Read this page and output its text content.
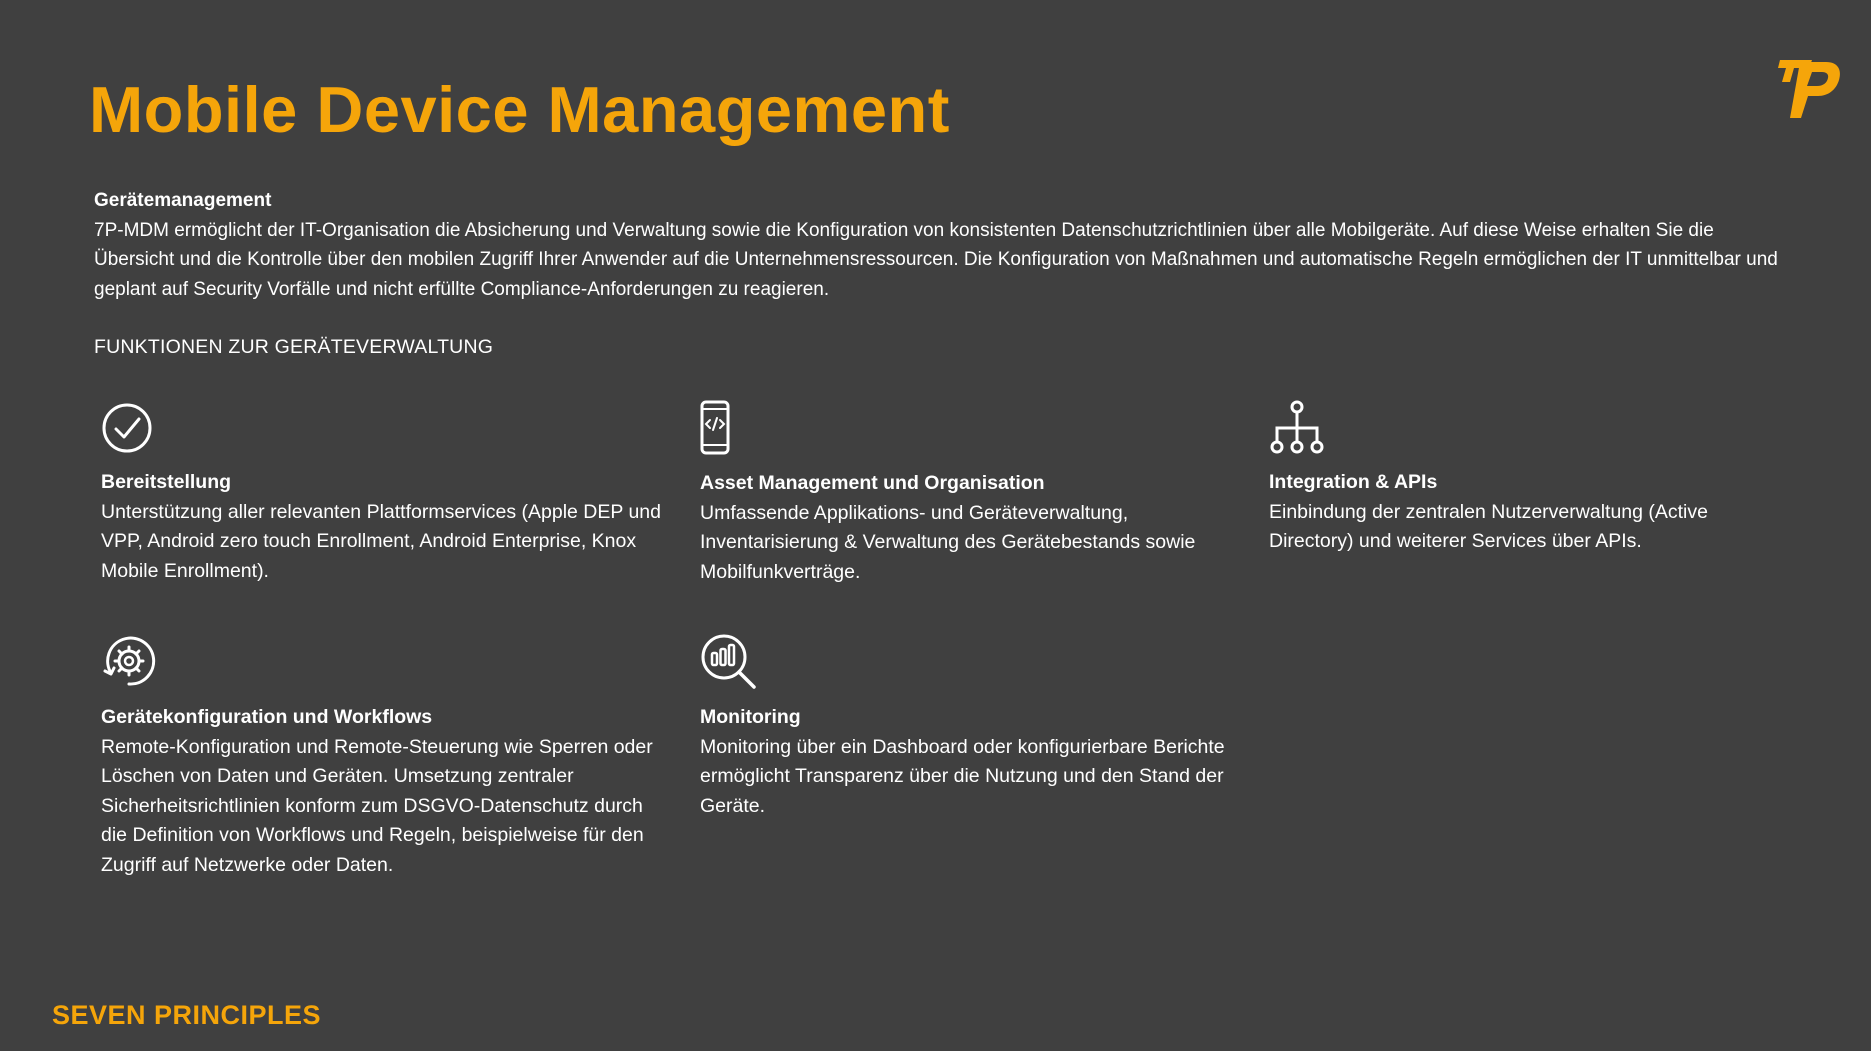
Mobile Device Management
Gerätemanagement

7P-MDM ermöglicht der IT-Organisation die Absicherung und Verwaltung sowie die Konfiguration von konsistenten Datenschutzrichtlinien über alle Mobilgeräte. Auf diese Weise erhalten Sie die Übersicht und die Kontrolle über den mobilen Zugriff Ihrer Anwender auf die Unternehmensressourcen. Die Konfiguration von Maßnahmen und automatische Regeln ermöglichen der IT unmittelbar und geplant auf Security Vorfälle und nicht erfüllte Compliance-Anforderungen zu reagieren.

FUNKTIONEN ZUR GERÄTEVERWALTUNG
Bereitstellung
Unterstützung aller relevanten Plattformservices (Apple DEP und VPP, Android zero touch Enrollment, Android Enterprise, Knox Mobile Enrollment).
Asset Management und Organisation
Umfassende Applikations- und Geräteverwaltung, Inventarisierung & Verwaltung des Gerätebestands sowie Mobilfunkverträge.
Integration & APIs
Einbindung der zentralen Nutzerverwaltung (Active Directory) und weiterer Services über APIs.
Gerätekonfiguration und Workflows
Remote-Konfiguration und Remote-Steuerung wie Sperren oder Löschen von Daten und Geräten. Umsetzung zentraler Sicherheitsrichtlinien konform zum DSGVO-Datenschutz durch die Definition von Workflows und Regeln, beispielweise für den Zugriff auf Netzwerke oder Daten.
Monitoring
Monitoring über ein Dashboard oder konfigurierbare Berichte ermöglicht Transparenz über die Nutzung und den Stand der Geräte.
SEVEN PRINCIPLES
